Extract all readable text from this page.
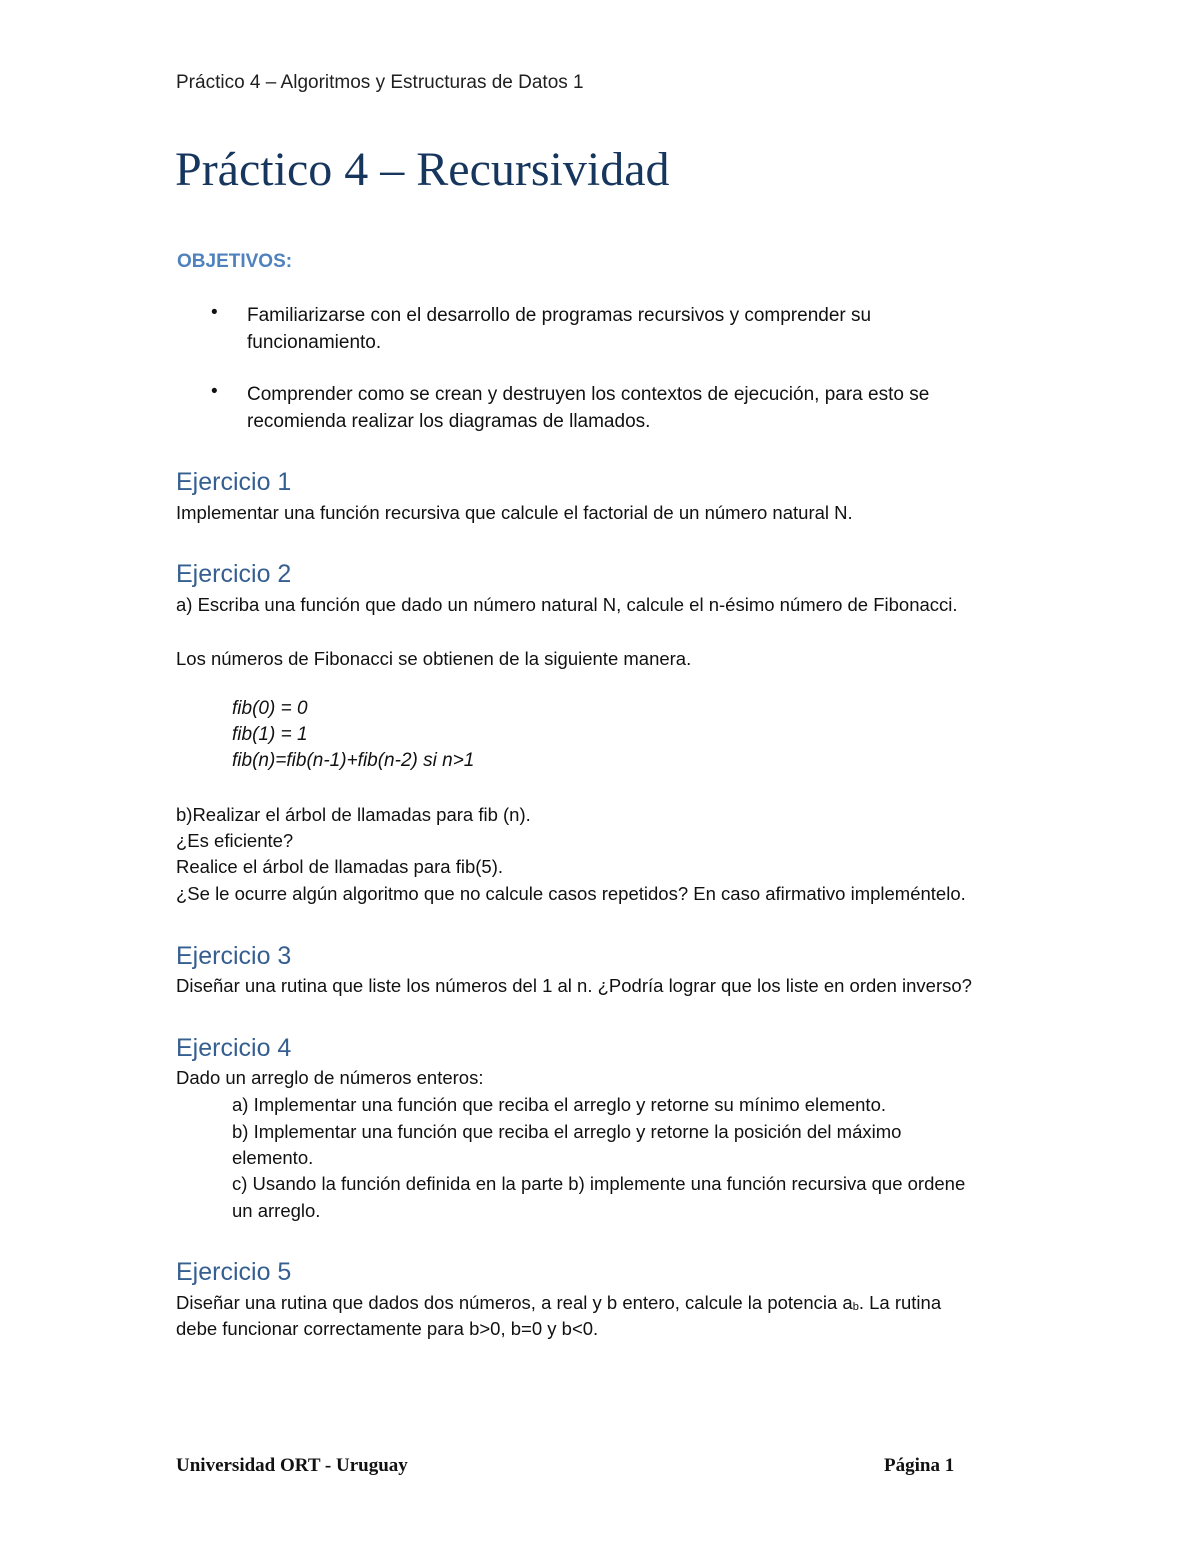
Práctico 4 – Algoritmos y Estructuras de Datos 1
Práctico 4 – Recursividad
OBJETIVOS:
• Familiarizarse con el desarrollo de programas recursivos y comprender su funcionamiento.
• Comprender como se crean y destruyen los contextos de ejecución, para esto se recomienda realizar los diagramas de llamados.
Ejercicio 1
Implementar una función recursiva que calcule el factorial de un número natural N.
Ejercicio 2
a) Escriba una función que dado un número natural N, calcule el n-ésimo número de Fibonacci.
Los números de Fibonacci se obtienen de la siguiente manera.
fib(0) = 0
fib(1) = 1
fib(n)=fib(n-1)+fib(n-2) si n>1
b)Realizar el árbol de llamadas para fib (n).
¿Es eficiente?
Realice el árbol de llamadas para fib(5).
¿Se le ocurre algún algoritmo que no calcule casos repetidos? En caso afirmativo impleméntelo.
Ejercicio 3
Diseñar una rutina que liste los números del 1 al n. ¿Podría lograr que los liste en orden inverso?
Ejercicio 4
Dado un arreglo de números enteros:
a) Implementar una función que reciba el arreglo y retorne su mínimo elemento.
b) Implementar una función que reciba el arreglo y retorne la posición del máximo
elemento.
c) Usando la función definida en la parte b) implemente una función recursiva que ordene
un arreglo.
Ejercicio 5
Diseñar una rutina que dados dos números, a real y b entero, calcule la potencia $a_b$. La rutina
debe funcionar correctamente para b>0, b=0 y b<0.
Universidad ORT - Uruguay	Página 1
